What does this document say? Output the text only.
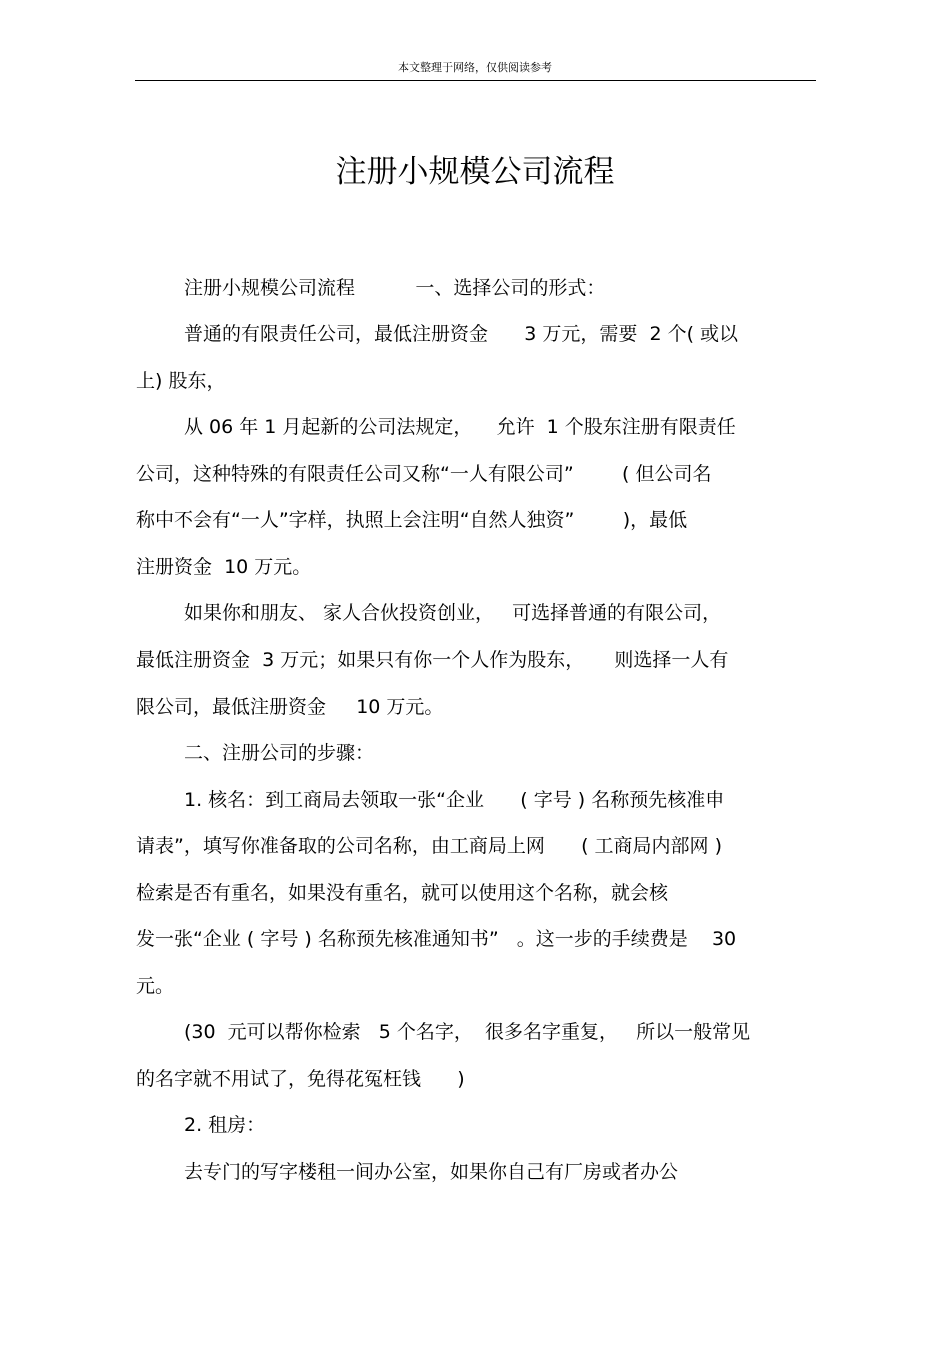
本文整理于网络，仅供阅读参考
注册小规模公司流程
注册小规模公司流程          一、选择公司的形式：
普通的有限责任公司，最低注册资金      3 万元，需要  2 个( 或以
上) 股东，
从 06 年 1 月起新的公司法规定，    允许  1 个股东注册有限责任
公司，这种特殊的有限责任公司又称“一人有限公司”        ( 但公司名
称中不会有“一人”字样，执照上会注明“自然人独资”        )，最低
注册资金  10 万元。
如果你和朋友、 家人合伙投资创业，   可选择普通的有限公司，
最低注册资金  3 万元；如果只有你一个人作为股东，     则选择一人有
限公司，最低注册资金     10 万元。
二、注册公司的步骤：
1. 核名：到工商局去领取一张“企业      ( 字号 ) 名称预先核准申
请表”，填写你准备取的公司名称，由工商局上网      ( 工商局内部网 )
检索是否有重名，如果没有重名，就可以使用这个名称，就会核
发一张“企业 ( 字号 ) 名称预先核准通知书”   。这一步的手续费是    30
元。
(30  元可以帮你检索   5 个名字，  很多名字重复，   所以一般常见
的名字就不用试了，免得花冤枉钱      )
2. 租房：
去专门的写字楼租一间办公室，如果你自己有厂房或者办公
